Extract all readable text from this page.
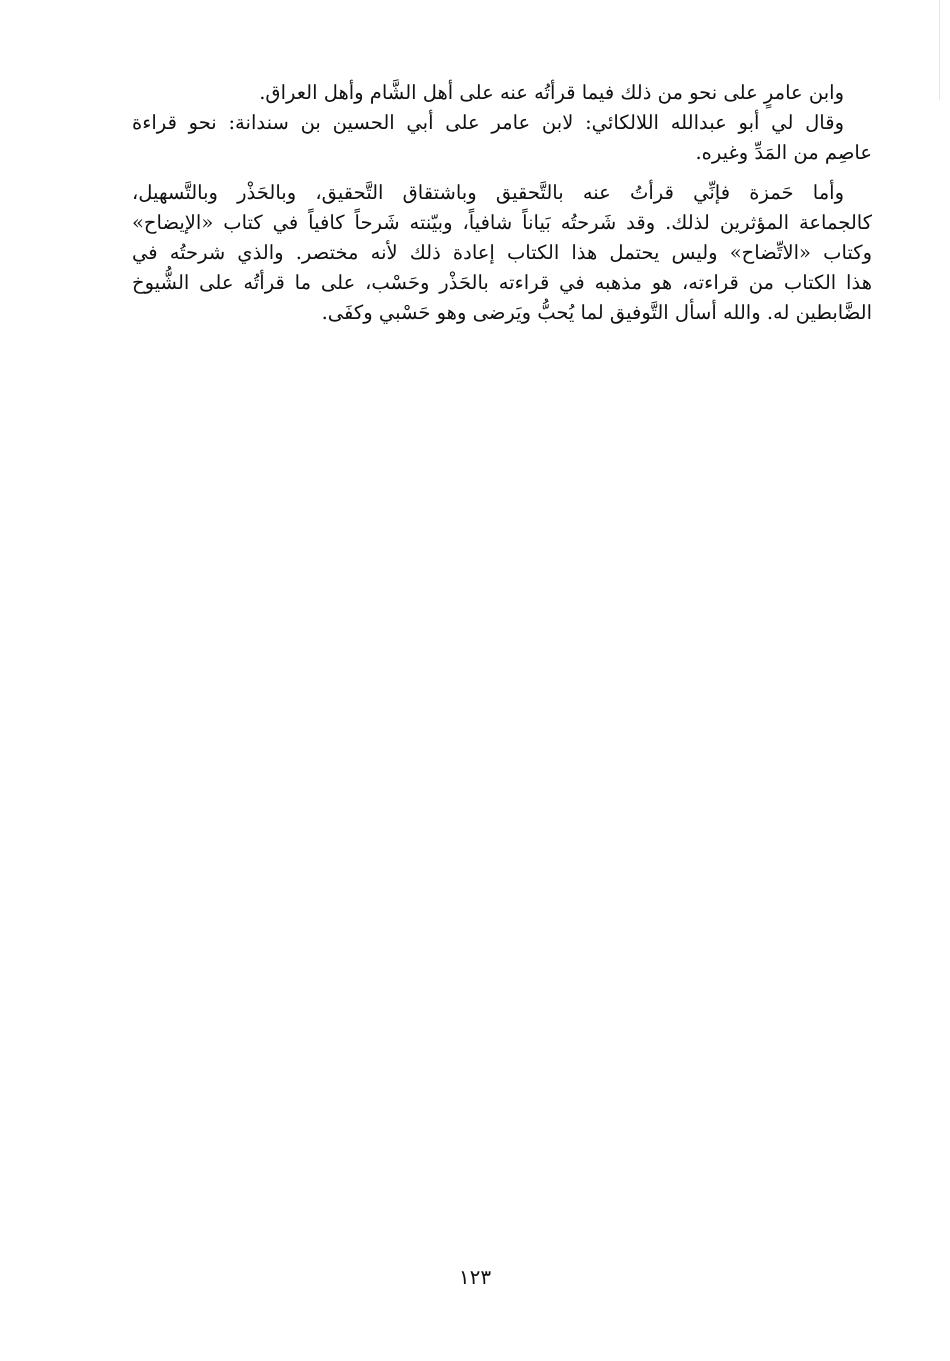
وابن عامرٍ على نحو من ذلك فيما قرأتُه عنه على أهل الشَّام وأهل العراق.
وقال لي أبو عبدالله اللالكائي: لابن عامر على أبي الحسين بن سندانة: نحو قراءة
عاصِم من المَدِّ وغيره.
وأما حَمزة فإنِّي قرأتُ عنه بالتَّحقيق وباشتقاق التَّحقيق، وبالحَذْر وبالتَّسهيل،
كالجماعة المؤثرين لذلك. وقد شَرحتُه بَياناً شافياً، وبيّنته شَرحاً كافياً في كتاب «الإيضاح»
وكتاب «الاتِّضاح» وليس يحتمل هذا الكتاب إعادة ذلك لأنه مختصر. والذي شرحتُه في
هذا الكتاب من قراءته، هو مذهبه في قراءته بالحَذْر وحَسْب، على ما قرأتُه على الشُّيوخ
الضَّابطين له. والله أسأل التَّوفيق لما يُحبُّ ويَرضى وهو حَسْبي وكفَى.
١٢٣
